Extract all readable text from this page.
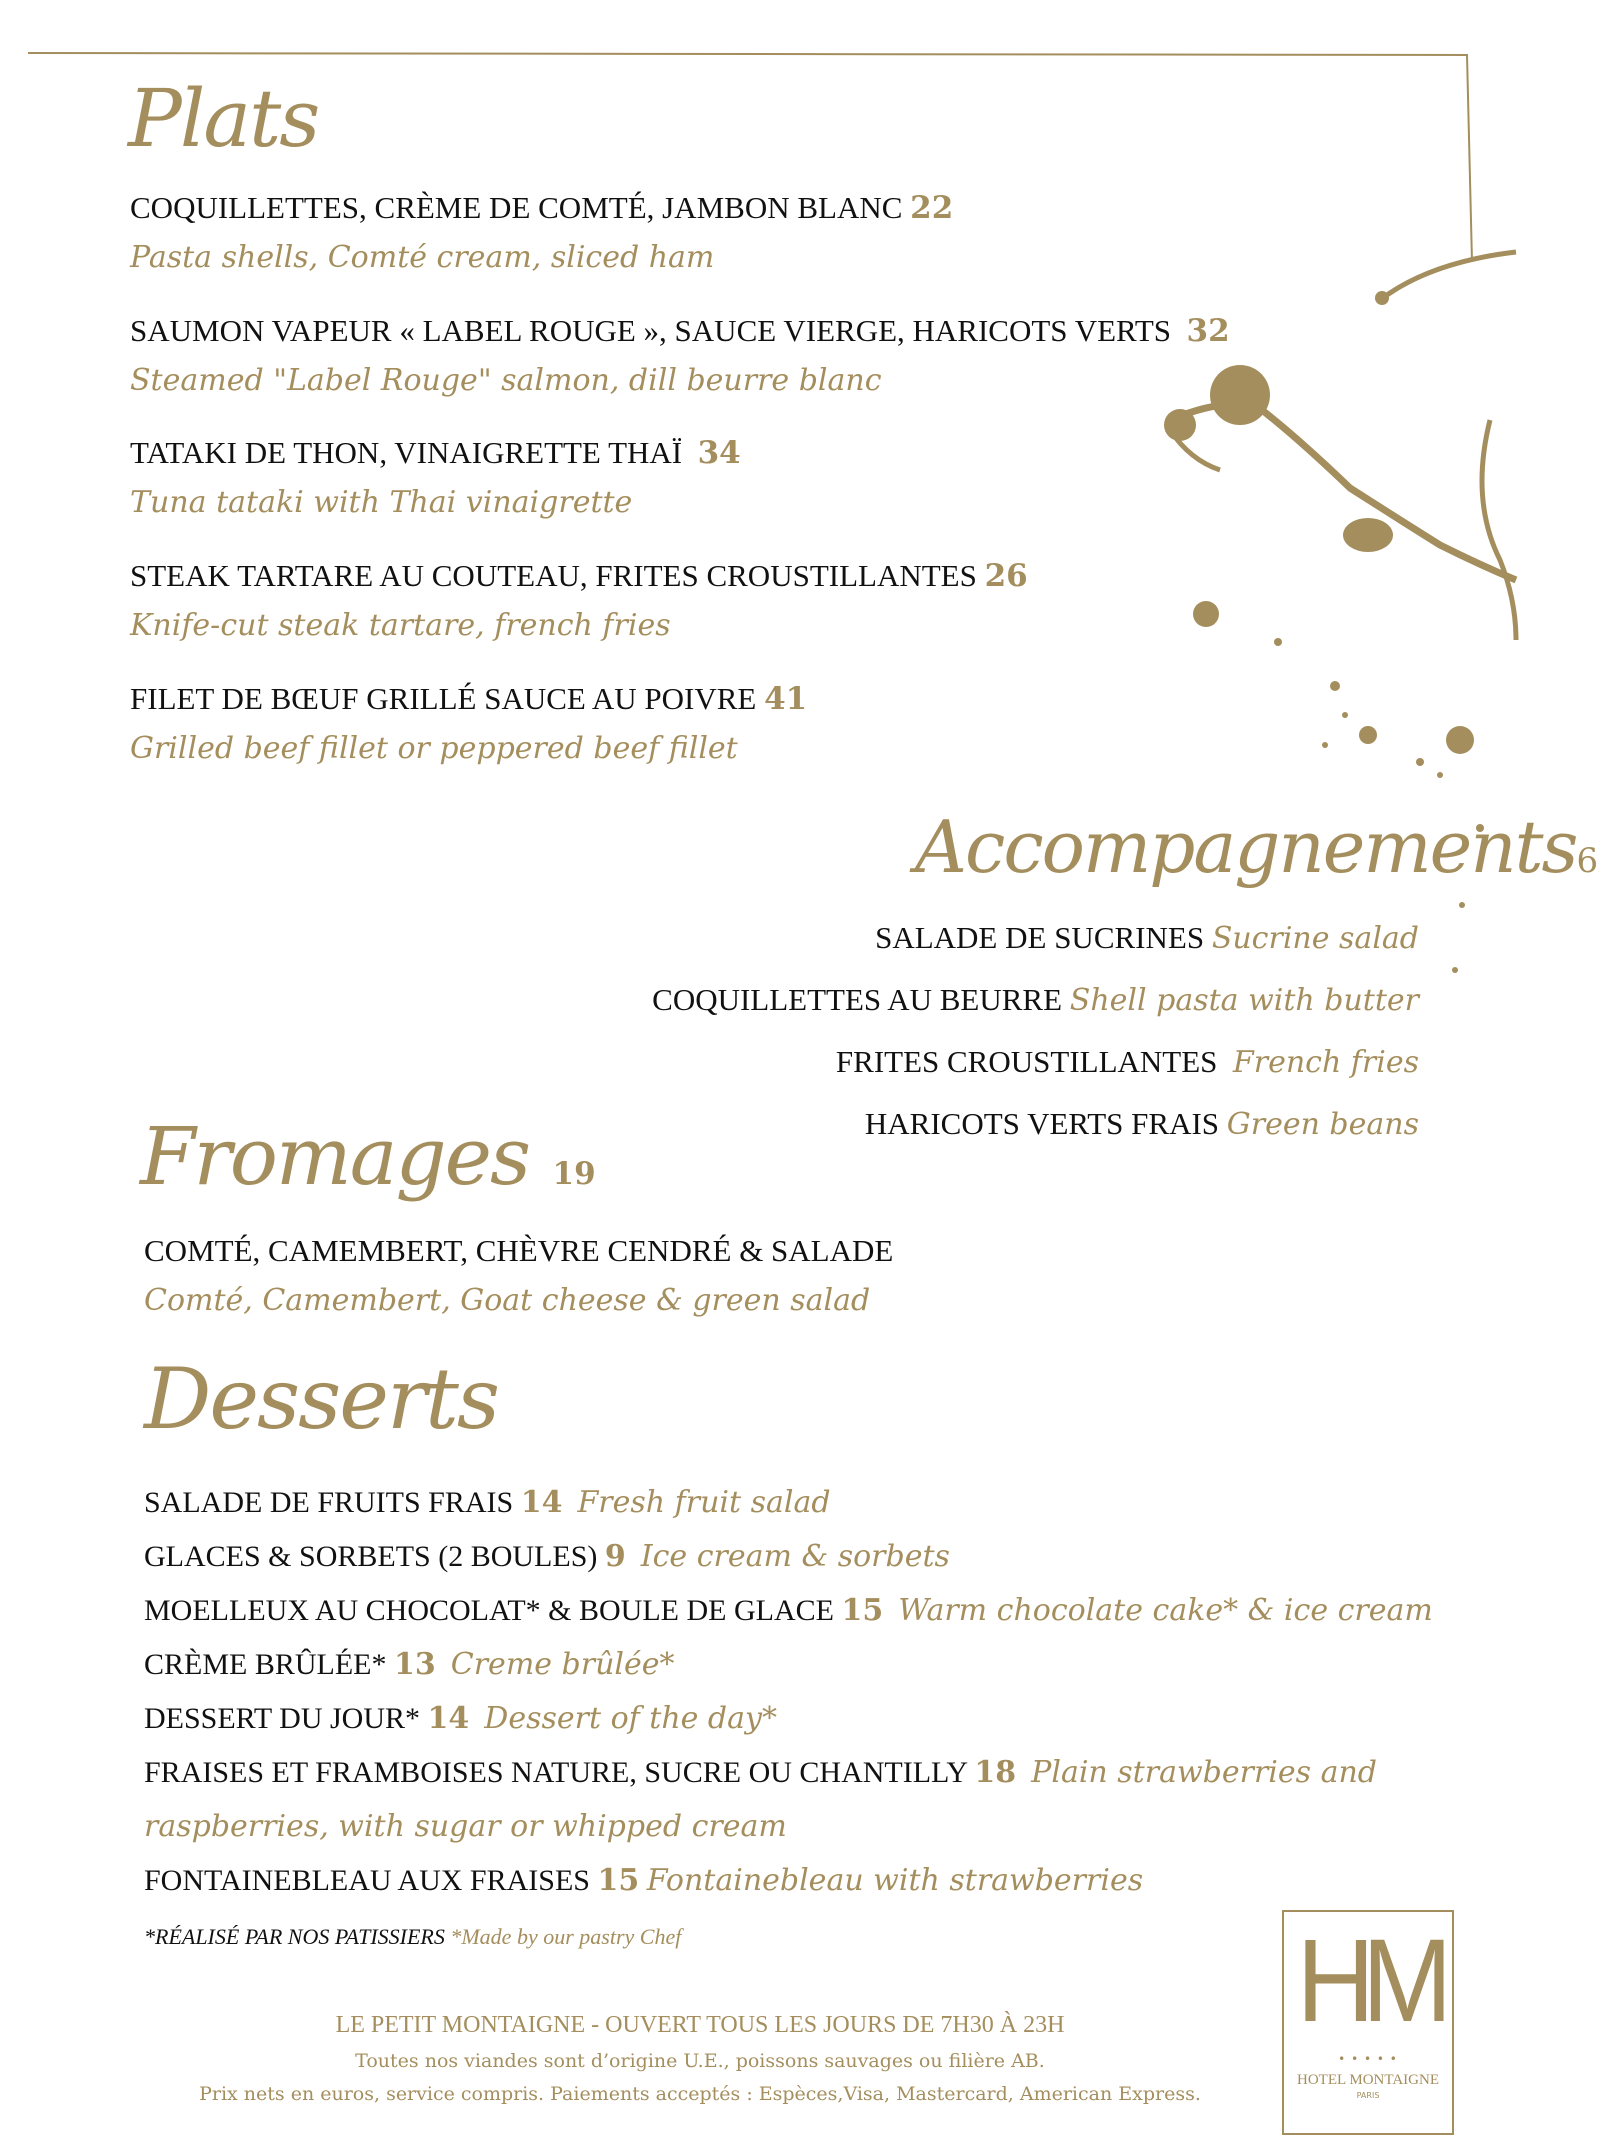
Plats
COQUILLETTES, CRÈME DE COMTÉ, JAMBON BLANC 22
Pasta shells, Comté cream, sliced ham
SAUMON VAPEUR « LABEL ROUGE », SAUCE VIERGE, HARICOTS VERTS 32
Steamed "Label Rouge" salmon, dill beurre blanc
TATAKI DE THON, VINAIGRETTE THAÏ 34
Tuna tataki with Thai vinaigrette
STEAK TARTARE AU COUTEAU, FRITES CROUSTILLANTES 26
Knife-cut steak tartare, french fries
FILET DE BŒUF GRILLÉ SAUCE AU POIVRE 41
Grilled beef fillet or peppered beef fillet
Accompagnements6
SALADE DE SUCRINES Sucrine salad
COQUILLETTES AU BEURRE Shell pasta with butter
FRITES CROUSTILLANTES French fries
HARICOTS VERTS FRAIS Green beans
Fromages 19
COMTÉ, CAMEMBERT, CHÈVRE CENDRÉ & SALADE
Comté, Camembert, Goat cheese & green salad
Desserts
SALADE DE FRUITS FRAIS 14 Fresh fruit salad
GLACES & SORBETS (2 BOULES) 9 Ice cream & sorbets
MOELLEUX AU CHOCOLAT* & BOULE DE GLACE 15 Warm chocolate cake* & ice cream
CRÈME BRÛLÉE* 13 Creme brûlée*
DESSERT DU JOUR* 14 Dessert of the day*
FRAISES ET FRAMBOISES NATURE, SUCRE OU CHANTILLY 18 Plain strawberries and
raspberries, with sugar or whipped cream
FONTAINEBLEAU AUX FRAISES 15 Fontainebleau with strawberries
*RÉALISÉ PAR NOS PATISSIERS *Made by our pastry Chef
LE PETIT MONTAIGNE - OUVERT TOUS LES JOURS DE 7H30 À 23H
Toutes nos viandes sont d’origine U.E., poissons sauvages ou filière AB.
Prix nets en euros, service compris. Paiements acceptés : Espèces,Visa, Mastercard, American Express.
HM
• • • • •
HOTEL MONTAIGNE
PARIS
